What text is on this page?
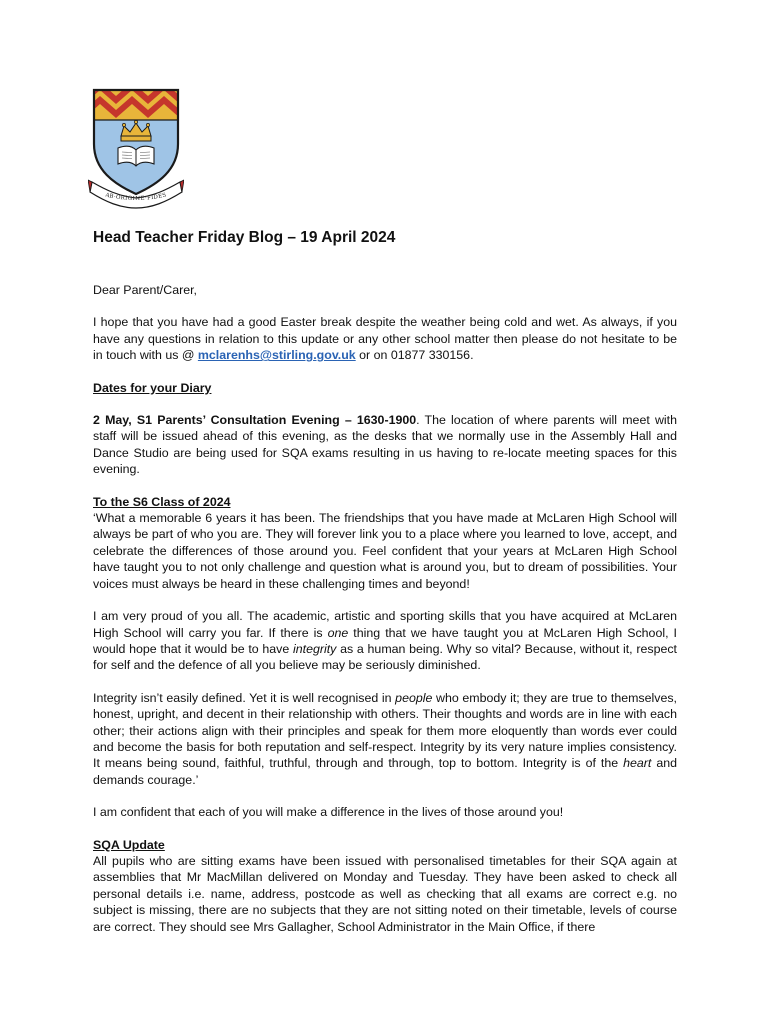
AB·ORIGINE·FIDES

Head Teacher Friday Blog – 19 April 2024

Dear Parent/Carer,

I hope that you have had a good Easter break despite the weather being cold and wet. As always, if you have any questions in relation to this update or any other school matter then please do not hesitate to be in touch with us @ mclarenhs@stirling.gov.uk or on 01877 330156.

Dates for your Diary

2 May, S1 Parents’ Consultation Evening – 1630-1900. The location of where parents will meet with staff will be issued ahead of this evening, as the desks that we normally use in the Assembly Hall and Dance Studio are being used for SQA exams resulting in us having to re-locate meeting spaces for this evening.

To the S6 Class of 2024

‘What a memorable 6 years it has been. The friendships that you have made at McLaren High School will always be part of who you are. They will forever link you to a place where you learned to love, accept, and celebrate the differences of those around you. Feel confident that your years at McLaren High School have taught you to not only challenge and question what is around you, but to dream of possibilities. Your voices must always be heard in these challenging times and beyond!

I am very proud of you all. The academic, artistic and sporting skills that you have acquired at McLaren High School will carry you far. If there is one thing that we have taught you at McLaren High School, I would hope that it would be to have integrity as a human being. Why so vital? Because, without it, respect for self and the defence of all you believe may be seriously diminished.

Integrity isn’t easily defined. Yet it is well recognised in people who embody it; they are true to themselves, honest, upright, and decent in their relationship with others. Their thoughts and words are in line with each other; their actions align with their principles and speak for them more eloquently than words ever could and become the basis for both reputation and self-respect. Integrity by its very nature implies consistency. It means being sound, faithful, truthful, through and through, top to bottom. Integrity is of the heart and demands courage.’

I am confident that each of you will make a difference in the lives of those around you!

SQA Update

All pupils who are sitting exams have been issued with personalised timetables for their SQA again at assemblies that Mr MacMillan delivered on Monday and Tuesday. They have been asked to check all personal details i.e. name, address, postcode as well as checking that all exams are correct e.g. no subject is missing, there are no subjects that they are not sitting noted on their timetable, levels of course are correct. They should see Mrs Gallagher, School Administrator in the Main Office, if there
